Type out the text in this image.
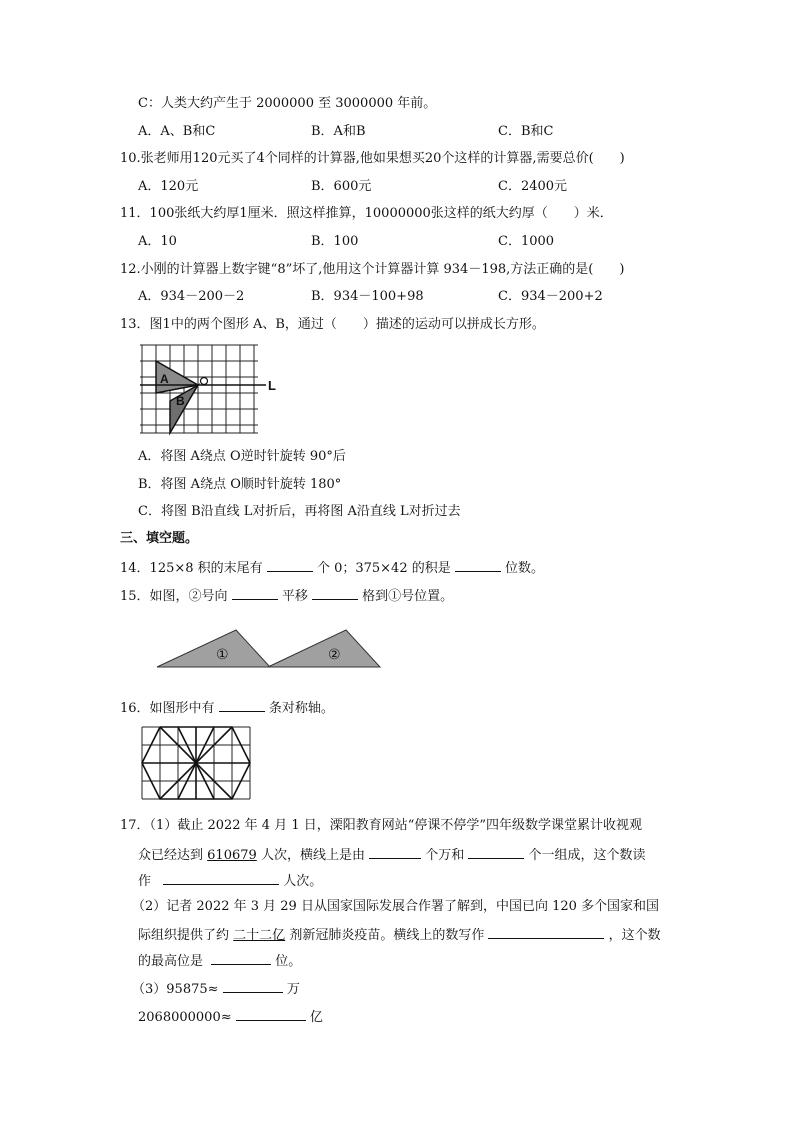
C：人类大约产生于 2000000 至 3000000 年前。
A．A、B和C	B．A和B	C．B和C
10.张老师用120元买了4个同样的计算器,他如果想买20个这样的计算器,需要总价(　　)
A．120元	B．600元	C．2400元
11．100张纸大约厚1厘米．照这样推算，10000000张这样的纸大约厚（　　）米．
A．10	B．100	C．1000
12.小刚的计算器上数字键“8”坏了,他用这个计算器计算 934－198,方法正确的是(　　)
A．934－200－2	B．934－100+98	C．934－200+2
13．图1中的两个图形 A、B，通过（　　）描述的运动可以拼成长方形。
A
B
L
A．将图 A绕点 O逆时针旋转 90°后
B．将图 A绕点 O顺时针旋转 180°
C．将图 B沿直线 L对折后，再将图 A沿直线 L对折过去
三、填空题。
14．125×8 积的末尾有	个 0；375×42 的积是	位数。
15．如图，②号向	平移	格到①号位置。
①	②
16．如图形中有	条对称轴。
17．（1）截止 2022 年 4 月 1 日，溧阳教育网站“停课不停学”四年级数学课堂累计收视观
众已经达到 610679 人次，横线上是由	个万和	个一组成，这个数读
作	人次。
（2）记者 2022 年 3 月 29 日从国家国际发展合作署了解到，中国已向 120 多个国家和国
际组织提供了约 二十二亿 剂新冠肺炎疫苗。横线上的数写作	，这个数
的最高位是	位。
（3）95875≈	万
2068000000≈	亿
